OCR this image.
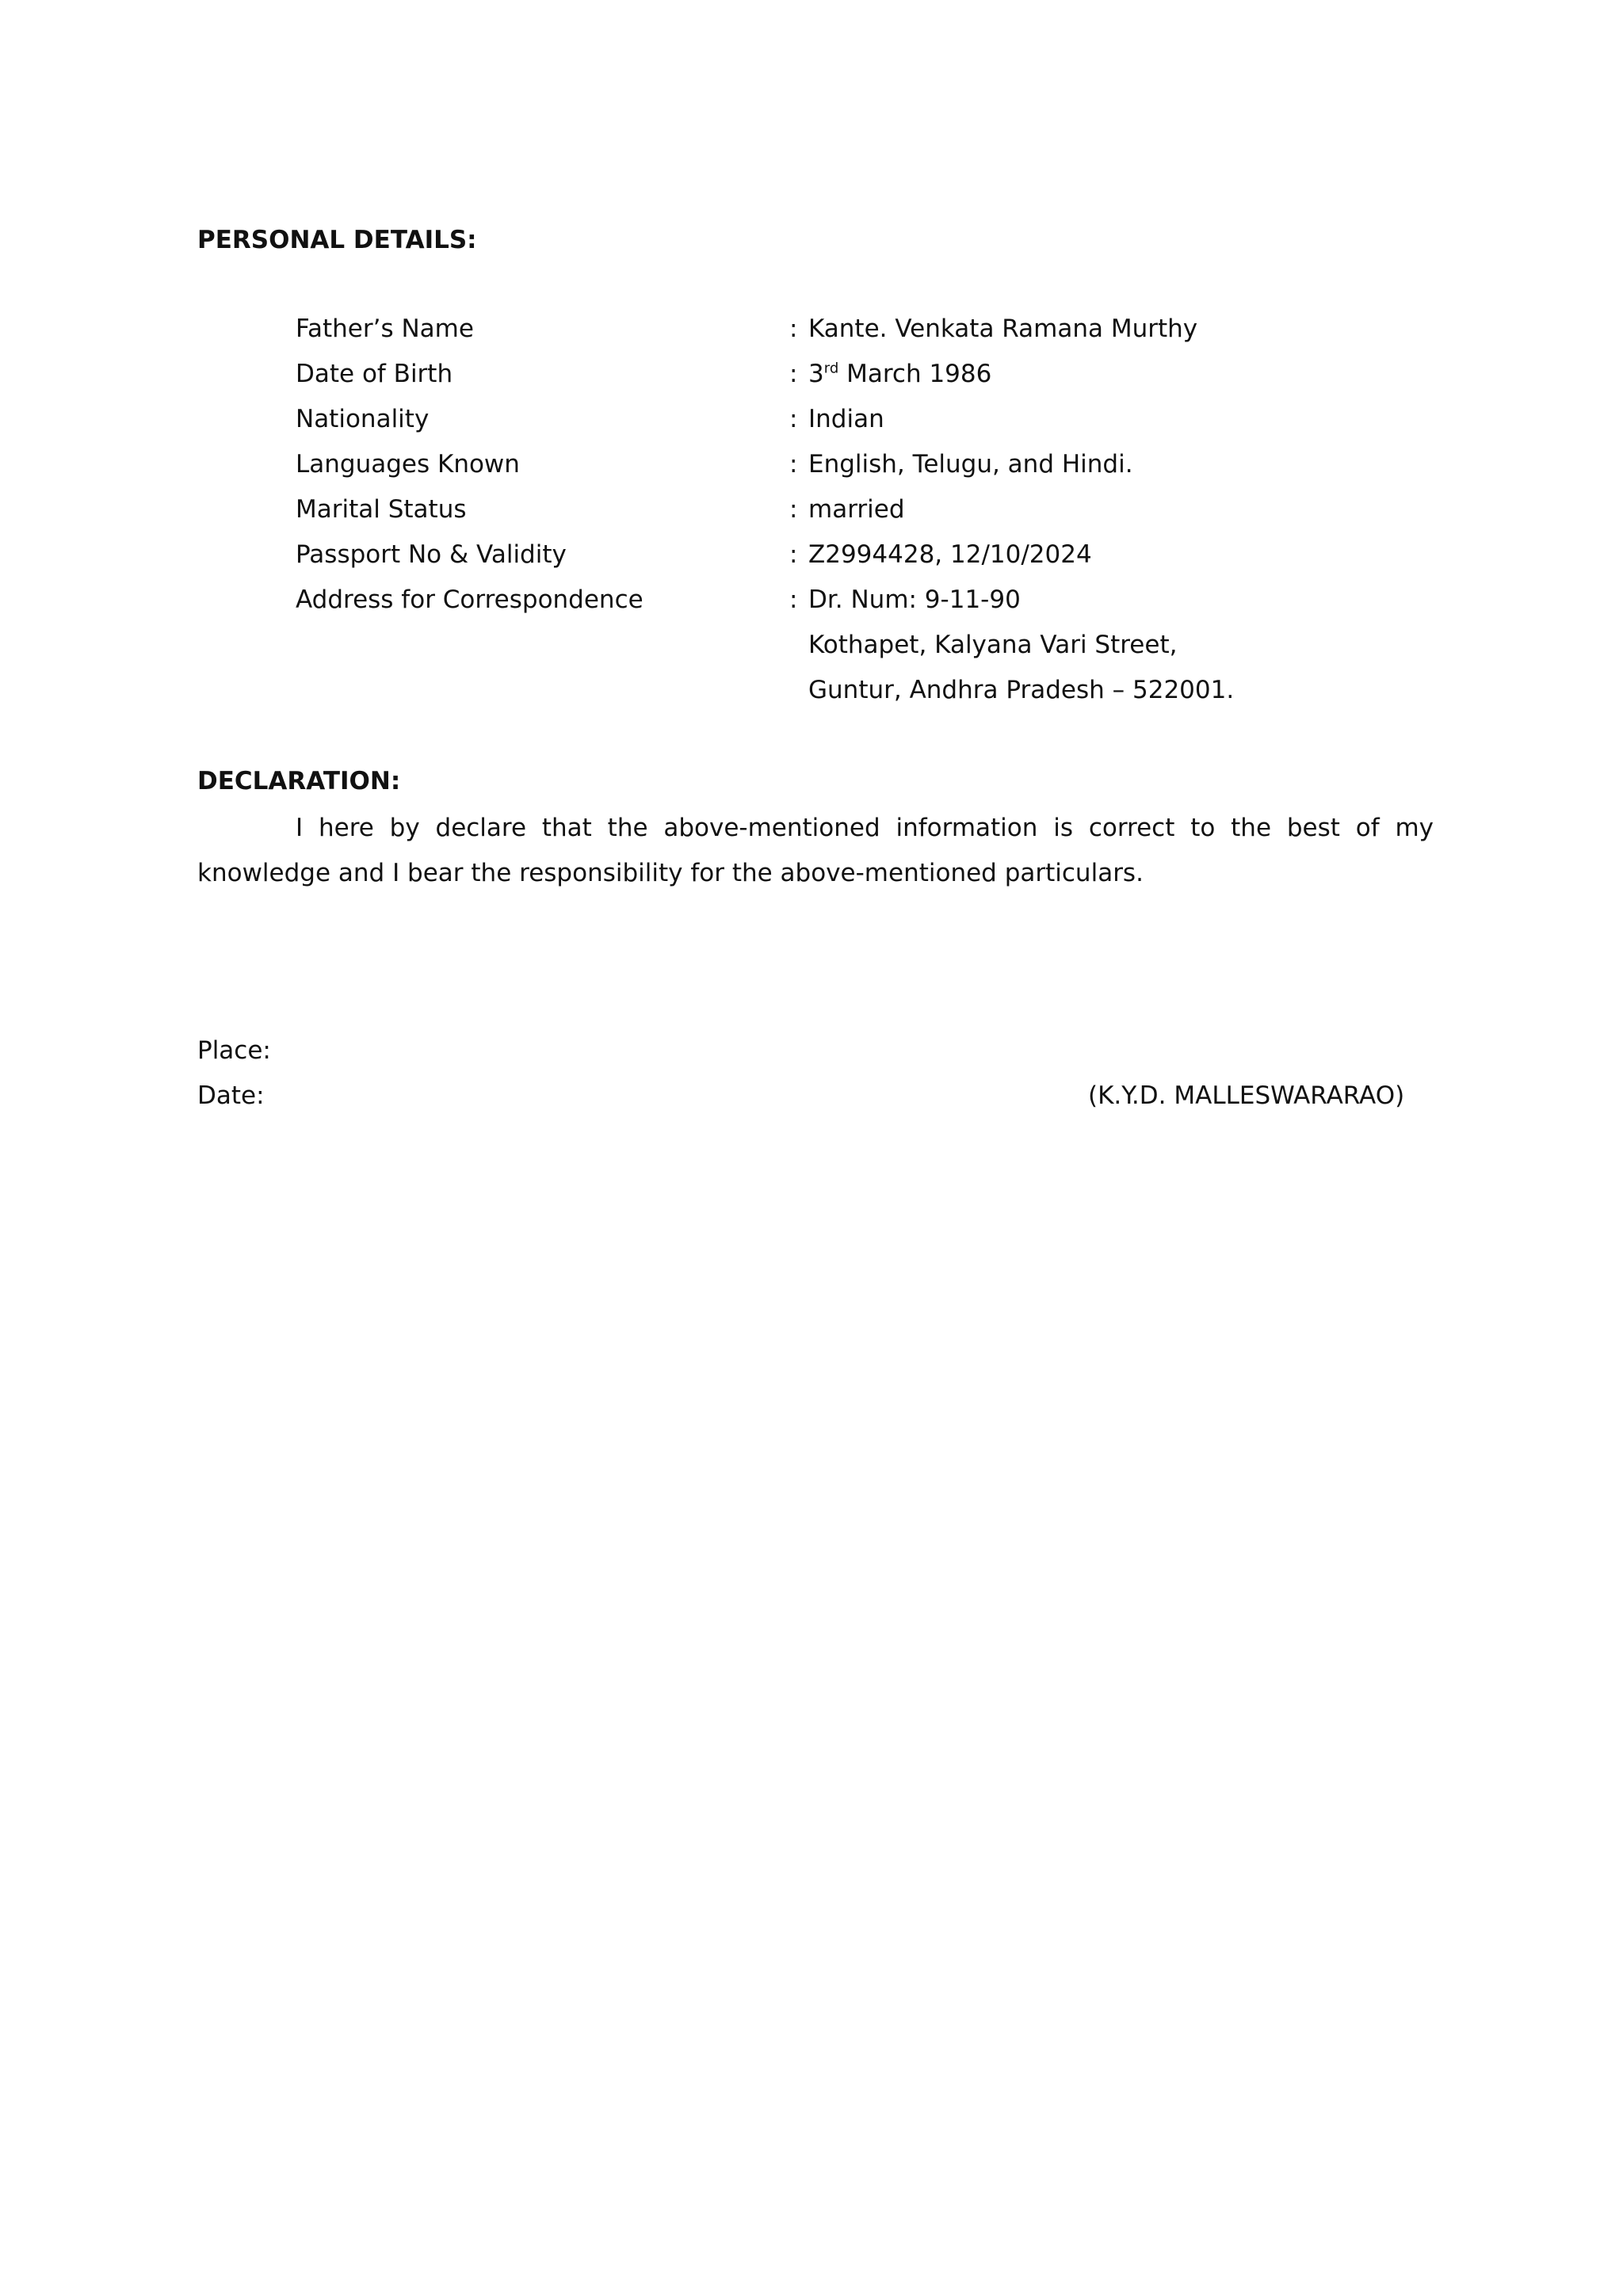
PERSONAL DETAILS:
Father’s Name	: Kante. Venkata Ramana Murthy
Date of Birth	: 3rd March 1986
Nationality	: Indian
Languages Known	: English, Telugu, and Hindi.
Marital Status	: married
Passport No & Validity	: Z2994428, 12/10/2024
Address for Correspondence	: Dr. Num: 9-11-90
Kothapet, Kalyana Vari Street,
Guntur, Andhra Pradesh – 522001.
DECLARATION:

I here by declare that the above-mentioned information is correct to the best of my knowledge and I bear the responsibility for the above-mentioned particulars.

Place:
Date:	(K.Y.D. MALLESWARARAO)
